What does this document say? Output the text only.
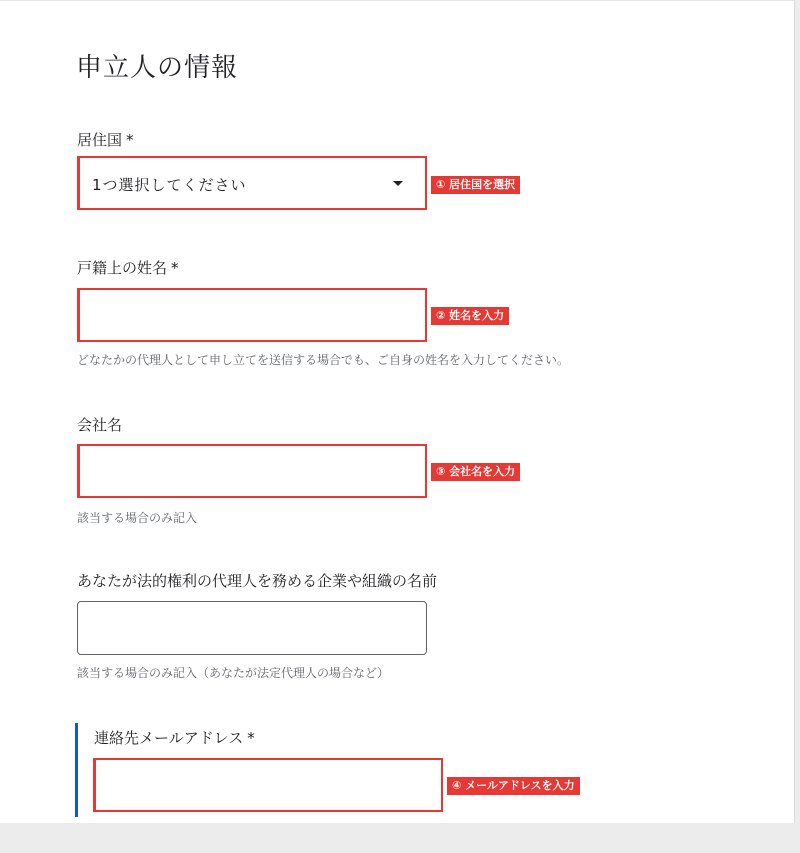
申立人の情報
居住国 *
1つ選択してください	① 居住国を選択
戸籍上の姓名 *
② 姓名を入力
どなたかの代理人として申し立てを送信する場合でも、ご自身の姓名を入力してください。
会社名
③ 会社名を入力
該当する場合のみ記入
あなたが法的権利の代理人を務める企業や組織の名前
該当する場合のみ記入（あなたが法定代理人の場合など）
連絡先メールアドレス *
④ メールアドレスを入力
